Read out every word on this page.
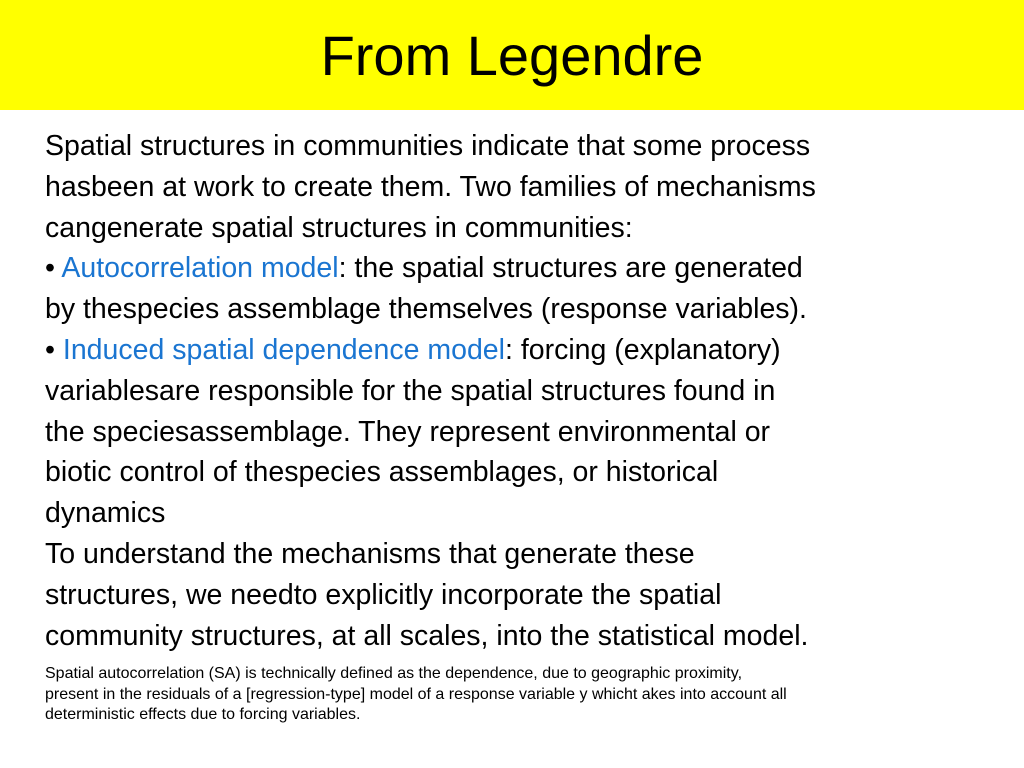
From Legendre

Spatial structures in communities indicate that some process

hasbeen at work to create them. Two families of mechanisms

cangenerate spatial structures in communities:

• Autocorrelation model: the spatial structures are generated

by thespecies assemblage themselves (response variables).

• Induced spatial dependence model: forcing (explanatory)

variablesare responsible for the spatial structures found in

the speciesassemblage. They represent environmental or

biotic control of thespecies assemblages, or historical

dynamics

To understand the mechanisms that generate these

structures, we needto explicitly incorporate the spatial

community structures, at all scales, into the statistical model.

Spatial autocorrelation (SA) is technically defined as the dependence, due to geographic proximity,
present in the residuals of a [regression-type] model of a response variable y whicht akes into account all
deterministic effects due to forcing variables.
